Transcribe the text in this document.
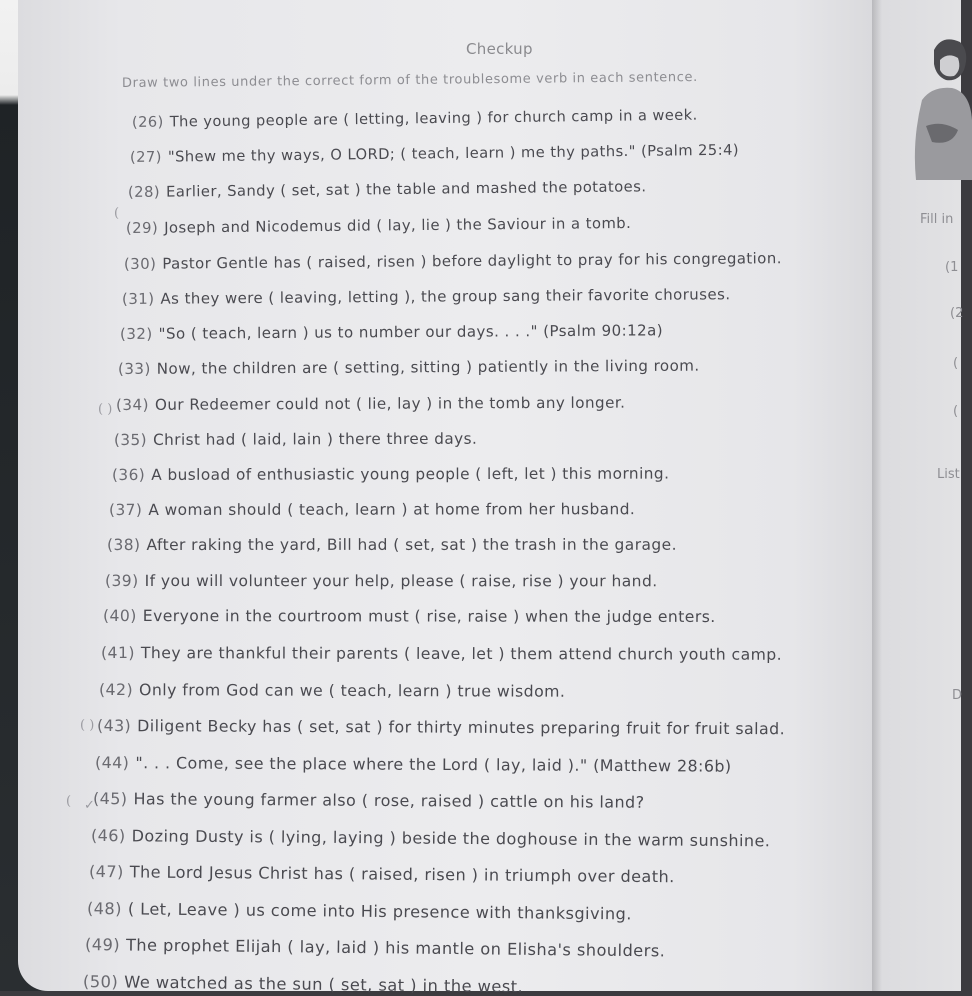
Checkup
Draw two lines under the correct form of the troublesome verb in each sentence.
(26) The young people are ( letting, leaving ) for church camp in a week.
(27) "Shew me thy ways, O LORD; ( teach, learn ) me thy paths." (Psalm 25:4)
(28) Earlier, Sandy ( set, sat ) the table and mashed the potatoes.
(29) Joseph and Nicodemus did ( lay, lie ) the Saviour in a tomb.
(30) Pastor Gentle has ( raised, risen ) before daylight to pray for his congregation.
(31) As they were ( leaving, letting ), the group sang their favorite choruses.
(32) "So ( teach, learn ) us to number our days. . . ." (Psalm 90:12a)
(33) Now, the children are ( setting, sitting ) patiently in the living room.
(34) Our Redeemer could not ( lie, lay ) in the tomb any longer.
(35) Christ had ( laid, lain ) there three days.
(36) A busload of enthusiastic young people ( left, let ) this morning.
(37) A woman should ( teach, learn ) at home from her husband.
(38) After raking the yard, Bill had ( set, sat ) the trash in the garage.
(39) If you will volunteer your help, please ( raise, rise ) your hand.
(40) Everyone in the courtroom must ( rise, raise ) when the judge enters.
(41) They are thankful their parents ( leave, let ) them attend church youth camp.
(42) Only from God can we ( teach, learn ) true wisdom.
(43) Diligent Becky has ( set, sat ) for thirty minutes preparing fruit for fruit salad.
(44) ". . . Come, see the place where the Lord ( lay, laid )." (Matthew 28:6b)
(45) Has the young farmer also ( rose, raised ) cattle on his land?
(46) Dozing Dusty is ( lying, laying ) beside the doghouse in the warm sunshine.
(47) The Lord Jesus Christ has ( raised, risen ) in triumph over death.
(48) ( Let, Leave ) us come into His presence with thanksgiving.
(49) The prophet Elijah ( lay, laid ) his mantle on Elisha's shoulders.
(50) We watched as the sun ( set, sat ) in the west.
(
( )
( )
( ✓
Fill in
(1
(2
(
(
List
D
